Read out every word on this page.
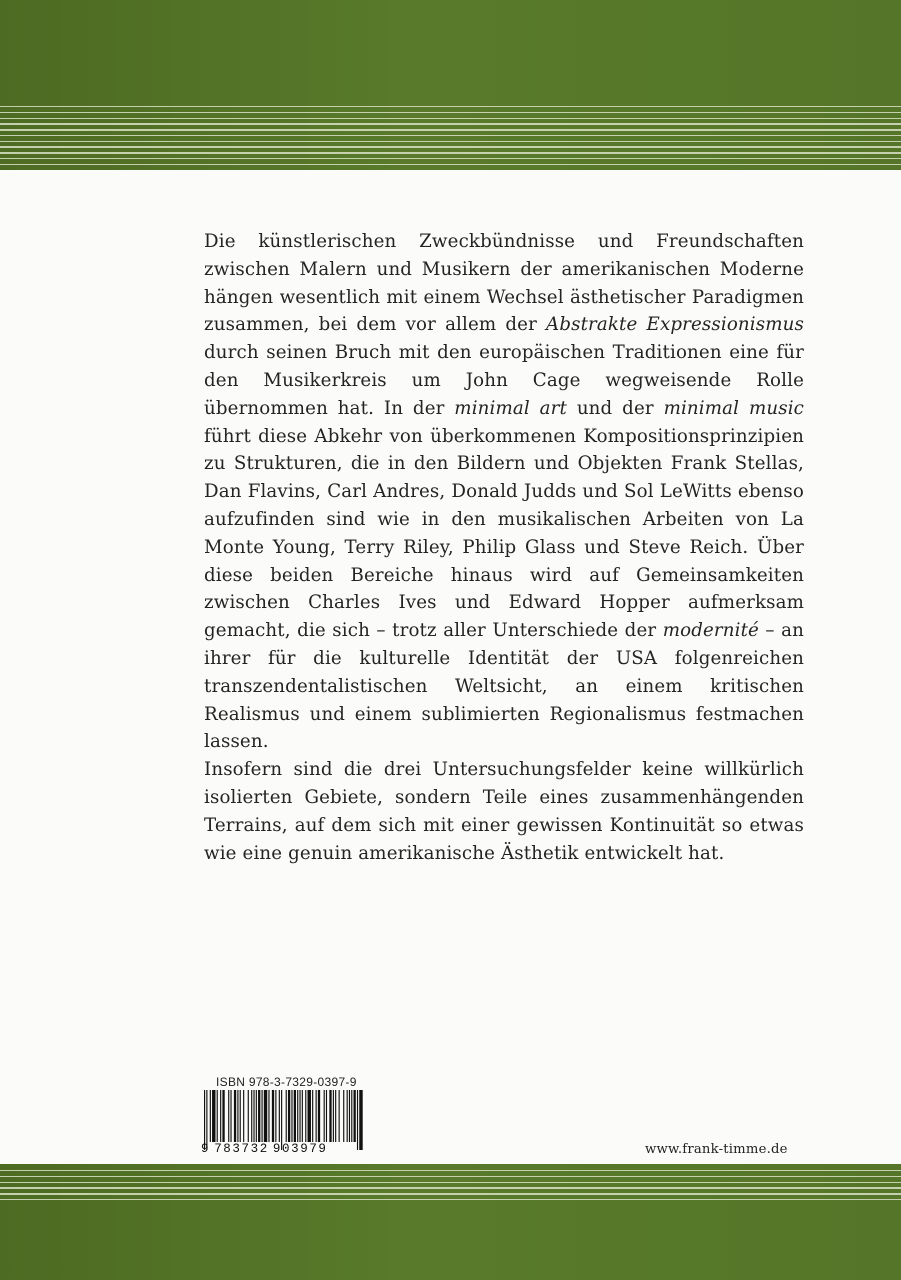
Die künstlerischen Zweckbündnisse und Freundschaften zwischen Malern und Musikern der amerikanischen Moderne hängen wesentlich mit einem Wechsel ästhetischer Paradigmen zusammen, bei dem vor allem der Abstrakte Expressionismus durch seinen Bruch mit den europäischen Traditionen eine für den Musikerkreis um John Cage wegweisende Rolle übernommen hat. In der minimal art und der minimal music führt diese Abkehr von überkommenen Kompositionsprinzipien zu Strukturen, die in den Bildern und Objekten Frank Stellas, Dan Flavins, Carl Andres, Donald Judds und Sol LeWitts ebenso aufzufinden sind wie in den musikalischen Arbeiten von La Monte Young, Terry Riley, Philip Glass und Steve Reich. Über diese beiden Bereiche hinaus wird auf Gemeinsamkeiten zwischen Charles Ives und Edward Hopper aufmerksam gemacht, die sich – trotz aller Unterschiede der modernité – an ihrer für die kulturelle Identität der USA folgenreichen transzendentalistischen Weltsicht, an einem kritischen Realismus und einem sublimierten Regionalismus festmachen lassen.

Insofern sind die drei Untersuchungsfelder keine willkürlich isolierten Gebiete, sondern Teile eines zusammenhängenden Terrains, auf dem sich mit einer gewissen Kontinuität so etwas wie eine genuin amerikanische Ästhetik entwickelt hat.

ISBN 978-3-7329-0397-9
9 783732 903979	www.frank-timme.de
